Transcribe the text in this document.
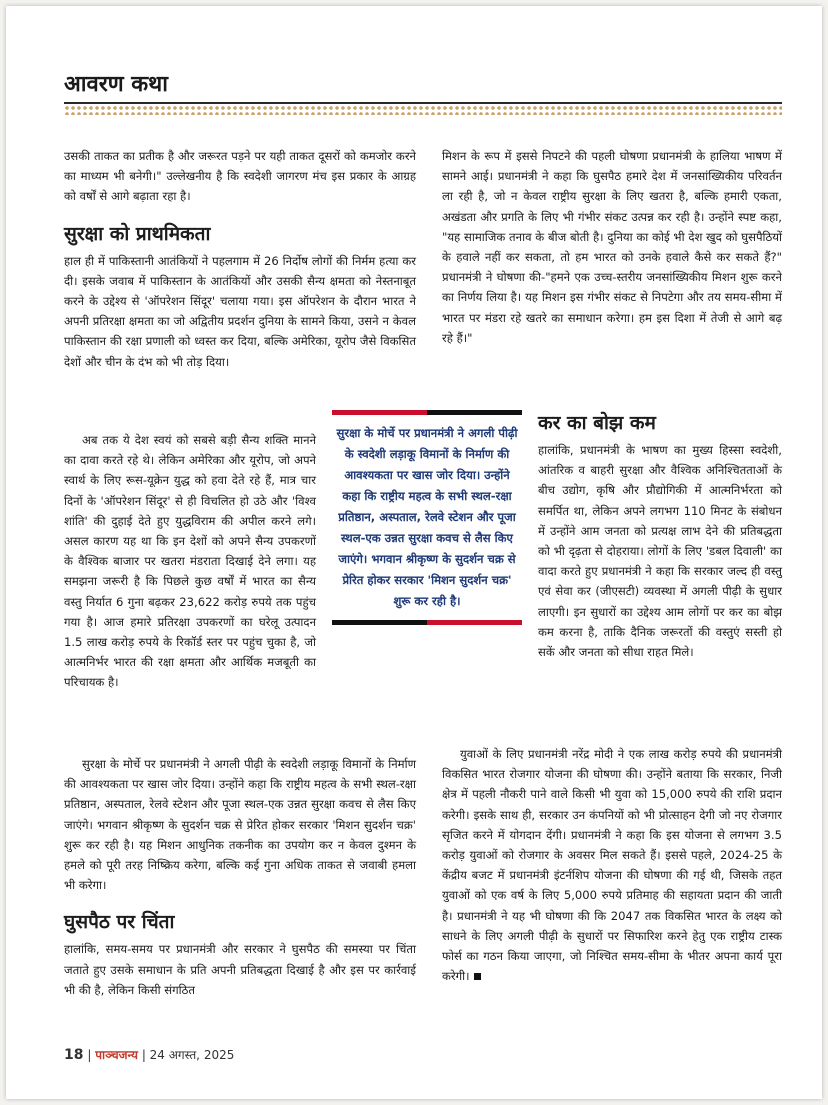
आवरण कथा

उसकी ताकत का प्रतीक है और जरूरत पड़ने पर यही ताकत दूसरों को कमजोर करने का माध्यम भी बनेगी।" उल्लेखनीय है कि स्वदेशी जागरण मंच इस प्रकार के आग्रह को वर्षों से आगे बढ़ाता रहा है।

सुरक्षा को प्राथमिकता

हाल ही में पाकिस्तानी आतंकियों ने पहलगाम में 26 निर्दोष लोगों की निर्मम हत्या कर दी। इसके जवाब में पाकिस्तान के आतंकियों और उसकी सैन्य क्षमता को नेस्तनाबूत करने के उद्देश्य से 'ऑपरेशन सिंदूर' चलाया गया। इस ऑपरेशन के दौरान भारत ने अपनी प्रतिरक्षा क्षमता का जो अद्वितीय प्रदर्शन दुनिया के सामने किया, उसने न केवल पाकिस्तान की रक्षा प्रणाली को ध्वस्त कर दिया, बल्कि अमेरिका, यूरोप जैसे विकसित देशों और चीन के दंभ को भी तोड़ दिया।

अब तक ये देश स्वयं को सबसे बड़ी सैन्य शक्ति मानने का दावा करते रहे थे। लेकिन अमेरिका और यूरोप, जो अपने स्वार्थ के लिए रूस-यूक्रेन युद्ध को हवा देते रहे हैं, मात्र चार दिनों के 'ऑपरेशन सिंदूर' से ही विचलित हो उठे और 'विश्व शांति' की दुहाई देते हुए युद्धविराम की अपील करने लगे। असल कारण यह था कि इन देशों को अपने सैन्य उपकरणों के वैश्विक बाजार पर खतरा मंडराता दिखाई देने लगा। यह समझना जरूरी है कि पिछले कुछ वर्षों में भारत का सैन्य वस्तु निर्यात 6 गुना बढ़कर 23,622 करोड़ रुपये तक पहुंच गया है। आज हमारे प्रतिरक्षा उपकरणों का घरेलू उत्पादन 1.5 लाख करोड़ रुपये के रिकॉर्ड स्तर पर पहुंच चुका है, जो आत्मनिर्भर भारत की रक्षा क्षमता और आर्थिक मजबूती का परिचायक है।

सुरक्षा के मोर्चे पर प्रधानमंत्री ने अगली पीढ़ी के स्वदेशी लड़ाकू विमानों के निर्माण की आवश्यकता पर खास जोर दिया। उन्होंने कहा कि राष्ट्रीय महत्व के सभी स्थल-रक्षा प्रतिष्ठान, अस्पताल, रेलवे स्टेशन और पूजा स्थल-एक उन्नत सुरक्षा कवच से लैस किए जाएंगे। भगवान श्रीकृष्ण के सुदर्शन चक्र से प्रेरित होकर सरकार 'मिशन सुदर्शन चक्र' शुरू कर रही है। यह मिशन आधुनिक तकनीक का उपयोग कर न केवल दुश्मन के हमले को पूरी तरह निष्क्रिय करेगा, बल्कि कई गुना अधिक ताकत से जवाबी हमला भी करेगा।

घुसपैठ पर चिंता

हालांकि, समय-समय पर प्रधानमंत्री और सरकार ने घुसपैठ की समस्या पर चिंता जताते हुए उसके समाधान के प्रति अपनी प्रतिबद्धता दिखाई है और इस पर कार्रवाई भी की है, लेकिन किसी संगठित

सुरक्षा के मोर्चे पर प्रधानमंत्री ने अगली पीढ़ी के स्वदेशी लड़ाकू विमानों के निर्माण की आवश्यकता पर खास जोर दिया। उन्होंने कहा कि राष्ट्रीय महत्व के सभी स्थल-रक्षा प्रतिष्ठान, अस्पताल, रेलवे स्टेशन और पूजा स्थल-एक उन्नत सुरक्षा कवच से लैस किए जाएंगे। भगवान श्रीकृष्ण के सुदर्शन चक्र से प्रेरित होकर सरकार 'मिशन सुदर्शन चक्र' शुरू कर रही है।

मिशन के रूप में इससे निपटने की पहली घोषणा प्रधानमंत्री के हालिया भाषण में सामने आई। प्रधानमंत्री ने कहा कि घुसपैठ हमारे देश में जनसांख्यिकीय परिवर्तन ला रही है, जो न केवल राष्ट्रीय सुरक्षा के लिए खतरा है, बल्कि हमारी एकता, अखंडता और प्रगति के लिए भी गंभीर संकट उत्पन्न कर रही है। उन्होंने स्पष्ट कहा, "यह सामाजिक तनाव के बीज बोती है। दुनिया का कोई भी देश खुद को घुसपैठियों के हवाले नहीं कर सकता, तो हम भारत को उनके हवाले कैसे कर सकते हैं?" प्रधानमंत्री ने घोषणा की-"हमने एक उच्च-स्तरीय जनसांख्यिकीय मिशन शुरू करने का निर्णय लिया है। यह मिशन इस गंभीर संकट से निपटेगा और तय समय-सीमा में भारत पर मंडरा रहे खतरे का समाधान करेगा। हम इस दिशा में तेजी से आगे बढ़ रहे हैं।"

कर का बोझ कम

हालांकि, प्रधानमंत्री के भाषण का मुख्य हिस्सा स्वदेशी, आंतरिक व बाहरी सुरक्षा और वैश्विक अनिश्चितताओं के बीच उद्योग, कृषि और प्रौद्योगिकी में आत्मनिर्भरता को समर्पित था, लेकिन अपने लगभग 110 मिनट के संबोधन में उन्होंने आम जनता को प्रत्यक्ष लाभ देने की प्रतिबद्धता को भी दृढ़ता से दोहराया। लोगों के लिए 'डबल दिवाली' का वादा करते हुए प्रधानमंत्री ने कहा कि सरकार जल्द ही वस्तु एवं सेवा कर (जीएसटी) व्यवस्था में अगली पीढ़ी के सुधार लाएगी। इन सुधारों का उद्देश्य आम लोगों पर कर का बोझ कम करना है, ताकि दैनिक जरूरतों की वस्तुएं सस्ती हो सकें और जनता को सीधा राहत मिले।

युवाओं के लिए प्रधानमंत्री नरेंद्र मोदी ने एक लाख करोड़ रुपये की प्रधानमंत्री विकसित भारत रोजगार योजना की घोषणा की। उन्होंने बताया कि सरकार, निजी क्षेत्र में पहली नौकरी पाने वाले किसी भी युवा को 15,000 रुपये की राशि प्रदान करेगी। इसके साथ ही, सरकार उन कंपनियों को भी प्रोत्साहन देगी जो नए रोजगार सृजित करने में योगदान देंगी। प्रधानमंत्री ने कहा कि इस योजना से लगभग 3.5 करोड़ युवाओं को रोजगार के अवसर मिल सकते हैं। इससे पहले, 2024-25 के केंद्रीय बजट में प्रधानमंत्री इंटर्नशिप योजना की घोषणा की गई थी, जिसके तहत युवाओं को एक वर्ष के लिए 5,000 रुपये प्रतिमाह की सहायता प्रदान की जाती है। प्रधानमंत्री ने यह भी घोषणा की कि 2047 तक विकसित भारत के लक्ष्य को साधने के लिए अगली पीढ़ी के सुधारों पर सिफारिश करने हेतु एक राष्ट्रीय टास्क फोर्स का गठन किया जाएगा, जो निश्चित समय-सीमा के भीतर अपना कार्य पूरा करेगी।

18 | पाञ्चजन्य | 24 अगस्त, 2025
